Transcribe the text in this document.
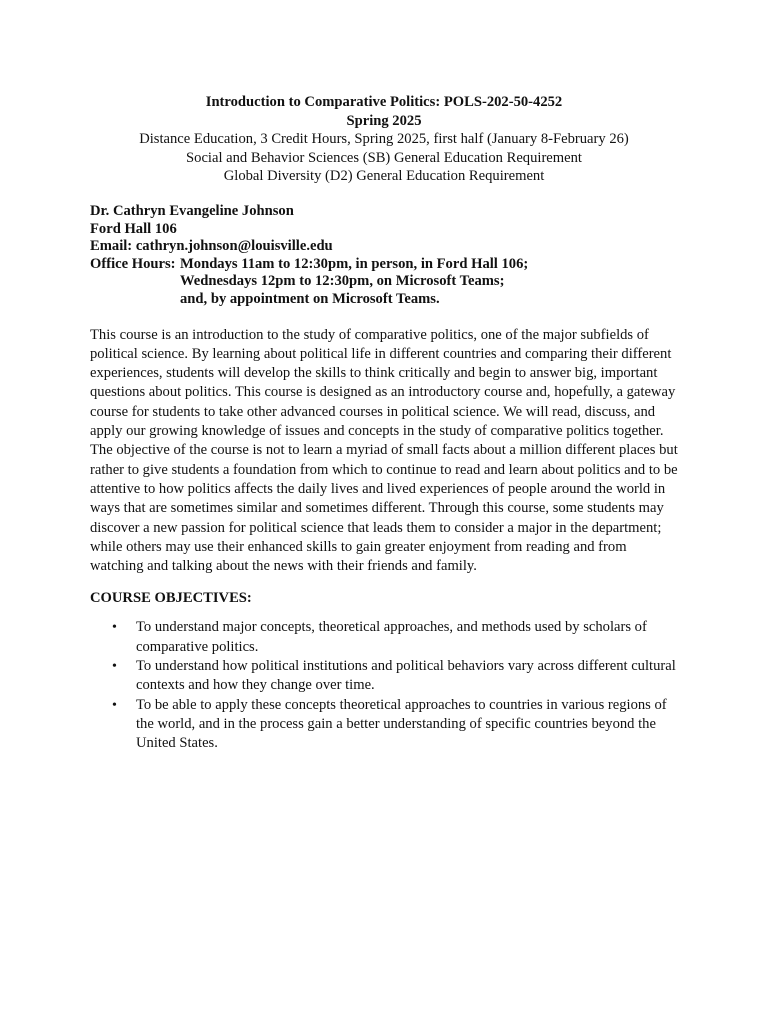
Introduction to Comparative Politics: POLS-202-50-4252
Spring 2025
Distance Education, 3 Credit Hours, Spring 2025, first half (January 8-February 26)
Social and Behavior Sciences (SB) General Education Requirement
Global Diversity (D2) General Education Requirement
Dr. Cathryn Evangeline Johnson
Ford Hall 106
Email: cathryn.johnson@louisville.edu
Office Hours: Mondays 11am to 12:30pm, in person, in Ford Hall 106;
Wednesdays 12pm to 12:30pm, on Microsoft Teams;
and, by appointment on Microsoft Teams.

This course is an introduction to the study of comparative politics, one of the major subfields of political science. By learning about political life in different countries and comparing their different experiences, students will develop the skills to think critically and begin to answer big, important questions about politics. This course is designed as an introductory course and, hopefully, a gateway course for students to take other advanced courses in political science. We will read, discuss, and apply our growing knowledge of issues and concepts in the study of comparative politics together. The objective of the course is not to learn a myriad of small facts about a million different places but rather to give students a foundation from which to continue to read and learn about politics and to be attentive to how politics affects the daily lives and lived experiences of people around the world in ways that are sometimes similar and sometimes different. Through this course, some students may discover a new passion for political science that leads them to consider a major in the department; while others may use their enhanced skills to gain greater enjoyment from reading and from watching and talking about the news with their friends and family.

COURSE OBJECTIVES:
• To understand major concepts, theoretical approaches, and methods used by scholars of comparative politics.
• To understand how political institutions and political behaviors vary across different cultural contexts and how they change over time.
• To be able to apply these concepts theoretical approaches to countries in various regions of the world, and in the process gain a better understanding of specific countries beyond the United States.
